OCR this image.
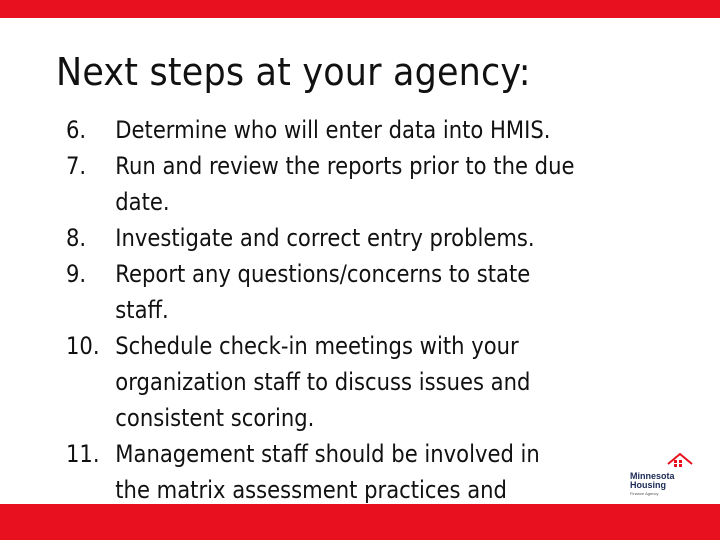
Next steps at your agency:
6. Determine who will enter data into HMIS.
7. Run and review the reports prior to the due
date.
8. Investigate and correct entry problems.
9. Report any questions/concerns to state
staff.
10. Schedule check-in meetings with your
organization staff to discuss issues and
consistent scoring.
11. Management staff should be involved in
the matrix assessment practices and	Minnesota
Housing
Finance Agency
